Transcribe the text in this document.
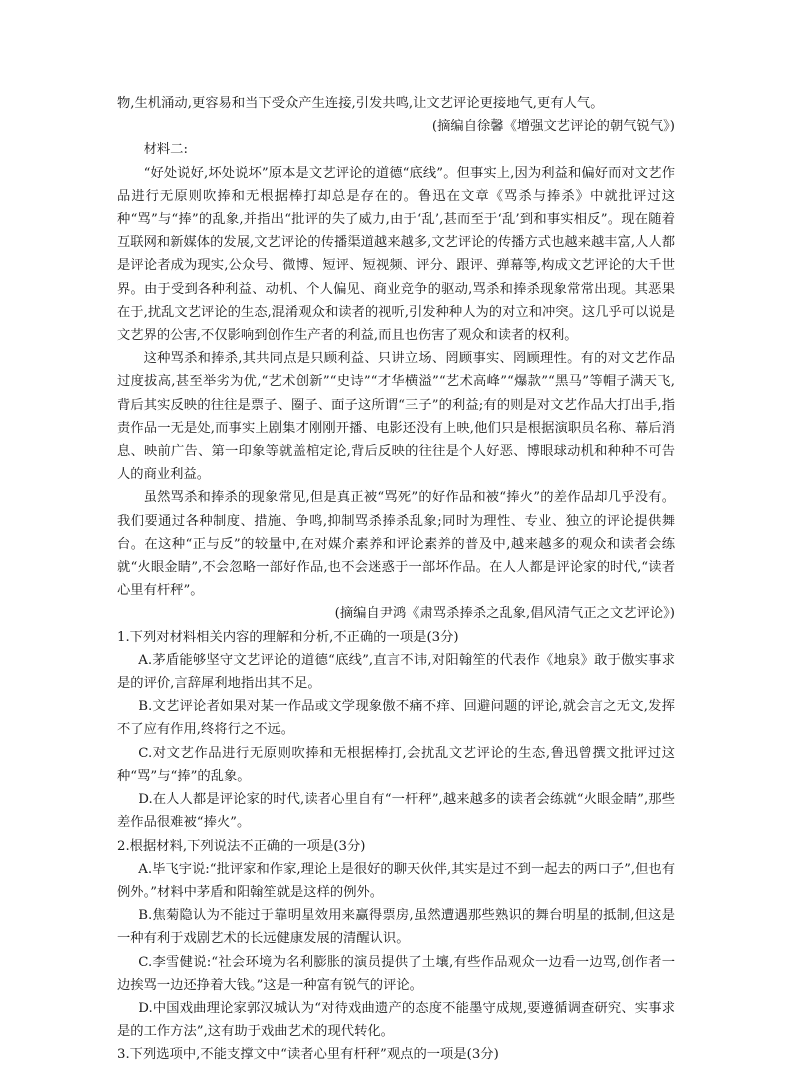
物,生机涌动,更容易和当下受众产生连接,引发共鸣,让文艺评论更接地气,更有人气。

(摘编自徐馨《增强文艺评论的朝气锐气》)

材料二:

“好处说好,坏处说坏”原本是文艺评论的道德“底线”。但事实上,因为利益和偏好而对文艺作品进行无原则吹捧和无根据棒打却总是存在的。鲁迅在文章《骂杀与捧杀》中就批评过这种“骂”与“捧”的乱象,并指出“批评的失了威力,由于‘乱’,甚而至于‘乱’到和事实相反”。现在随着互联网和新媒体的发展,文艺评论的传播渠道越来越多,文艺评论的传播方式也越来越丰富,人人都是评论者成为现实,公众号、微博、短评、短视频、评分、跟评、弹幕等,构成文艺评论的大千世界。由于受到各种利益、动机、个人偏见、商业竞争的驱动,骂杀和捧杀现象常常出现。其恶果在于,扰乱文艺评论的生态,混淆观众和读者的视听,引发种种人为的对立和冲突。这几乎可以说是文艺界的公害,不仅影响到创作生产者的利益,而且也伤害了观众和读者的权利。

这种骂杀和捧杀,其共同点是只顾利益、只讲立场、罔顾事实、罔顾理性。有的对文艺作品过度拔高,甚至举劣为优,“艺术创新”“史诗”“才华横溢”“艺术高峰”“爆款”“黑马”等帽子满天飞,背后其实反映的往往是票子、圈子、面子这所谓“三子”的利益;有的则是对文艺作品大打出手,指责作品一无是处,而事实上剧集才刚刚开播、电影还没有上映,他们只是根据演职员名称、幕后消息、映前广告、第一印象等就盖棺定论,背后反映的往往是个人好恶、博眼球动机和种种不可告人的商业利益。

虽然骂杀和捧杀的现象常见,但是真正被“骂死”的好作品和被“捧火”的差作品却几乎没有。我们要通过各种制度、措施、争鸣,抑制骂杀捧杀乱象;同时为理性、专业、独立的评论提供舞台。在这种“正与反”的较量中,在对媒介素养和评论素养的普及中,越来越多的观众和读者会练就“火眼金睛”,不会忽略一部好作品,也不会迷惑于一部坏作品。在人人都是评论家的时代,“读者心里有杆秤”。

(摘编自尹鸿《肃骂杀捧杀之乱象,倡风清气正之文艺评论》)

1.下列对材料相关内容的理解和分析,不正确的一项是(3分)

A.茅盾能够坚守文艺评论的道德“底线”,直言不讳,对阳翰笙的代表作《地泉》敢于傲实事求是的评价,言辞犀利地指出其不足。

B.文艺评论者如果对某一作品或文学现象傲不痛不痒、回避问题的评论,就会言之无文,发挥不了应有作用,终将行之不远。

C.对文艺作品进行无原则吹捧和无根据棒打,会扰乱文艺评论的生态,鲁迅曾撰文批评过这种“骂”与“捧”的乱象。

D.在人人都是评论家的时代,读者心里自有“一杆秤”,越来越多的读者会练就“火眼金睛”,那些差作品很难被“捧火”。

2.根据材料,下列说法不正确的一项是(3分)

A.毕飞宇说:“批评家和作家,理论上是很好的聊天伙伴,其实是过不到一起去的两口子”,但也有例外。”材料中茅盾和阳翰笙就是这样的例外。

B.焦菊隐认为不能过于靠明星效用来赢得票房,虽然遭遇那些熟识的舞台明星的抵制,但这是一种有利于戏剧艺术的长远健康发展的清醒认识。

C.李雪健说:“社会环境为名利膨胀的演员提供了土壤,有些作品观众一边看一边骂,创作者一边挨骂一边还挣着大钱。”这是一种富有锐气的评论。

D.中国戏曲理论家郭汉城认为“对待戏曲遗产的态度不能墨守成规,要遵循调查研究、实事求是的工作方法”,这有助于戏曲艺术的现代转化。

3.下列选项中,不能支撑文中“读者心里有杆秤”观点的一项是(3分)
